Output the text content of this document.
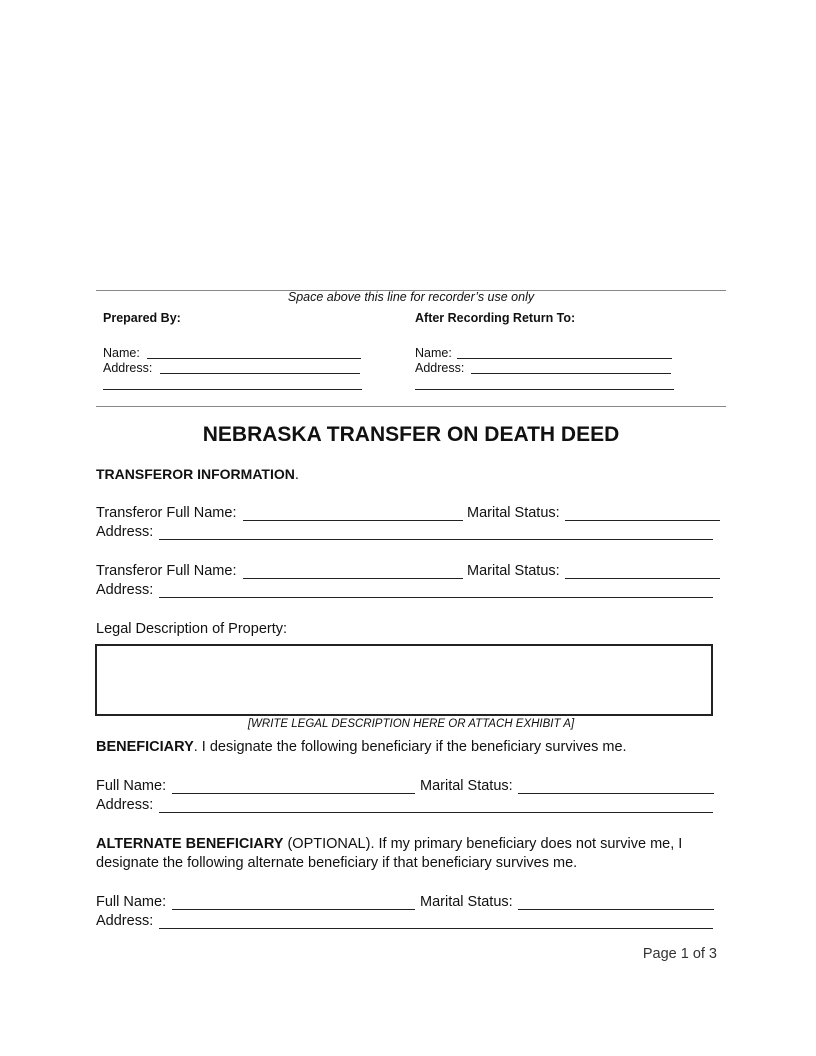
Space above this line for recorder’s use only
Prepared By:
Name:
Address:
After Recording Return To:
Name:
Address:
NEBRASKA TRANSFER ON DEATH DEED
TRANSFEROR INFORMATION.
Transferor Full Name:	Marital Status:
Address:
Transferor Full Name:	Marital Status:
Address:
Legal Description of Property:
[WRITE LEGAL DESCRIPTION HERE OR ATTACH EXHIBIT A]
BENEFICIARY. I designate the following beneficiary if the beneficiary survives me.
Full Name:	Marital Status:
Address:
ALTERNATE BENEFICIARY (OPTIONAL). If my primary beneficiary does not survive me, I
designate the following alternate beneficiary if that beneficiary survives me.
Full Name:	Marital Status:
Address:
Page 1 of 3
